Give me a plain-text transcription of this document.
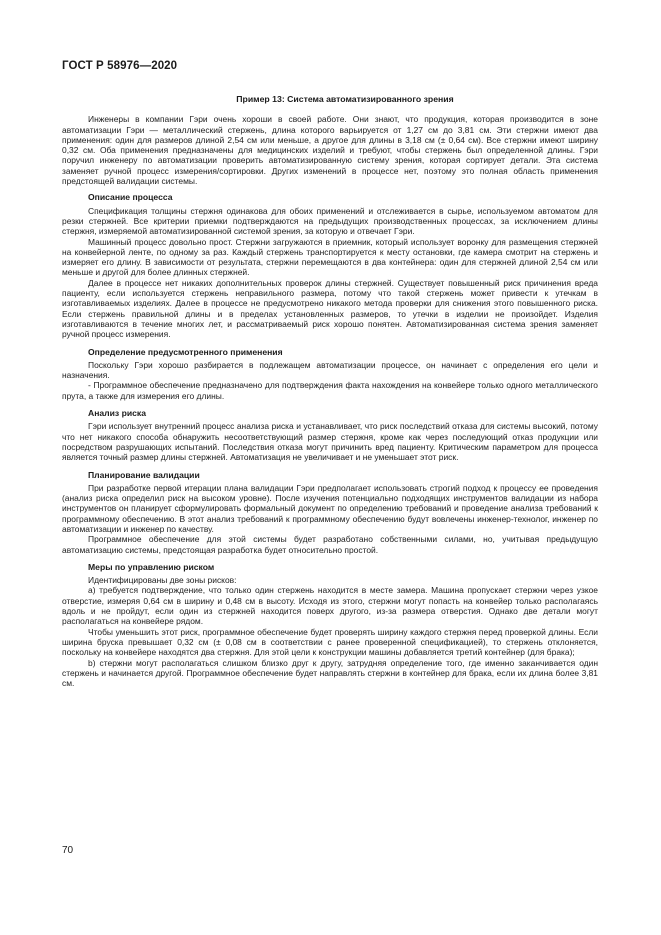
ГОСТ Р 58976—2020
Пример 13: Система автоматизированного зрения

Инженеры в компании Гэри очень хороши в своей работе. Они знают, что продукция, которая производится в зоне автоматизации Гэри — металлический стержень, длина которого варьируется от 1,27 см до 3,81 см. Эти стержни имеют два применения: один для размеров длиной 2,54 см или меньше, а другое для длины в 3,18 см (± 0,64 см). Все стержни имеют ширину 0,32 см. Оба применения предназначены для медицинских изделий и требуют, чтобы стержень был определенной длины. Гэри поручил инженеру по автоматизации проверить автоматизированную систему зрения, которая сортирует детали. Эта система заменяет ручной процесс измерения/сортировки. Других изменений в процессе нет, поэтому это полная область применения предстоящей валидации системы.

Описание процесса

Спецификация толщины стержня одинакова для обоих применений и отслеживается в сырье, используемом автоматом для резки стержней. Все критерии приемки подтверждаются на предыдущих производственных процессах, за исключением длины стержня, измеряемой автоматизированной системой зрения, за которую и отвечает Гэри.

Машинный процесс довольно прост. Стержни загружаются в приемник, который использует воронку для размещения стержней на конвейерной ленте, по одному за раз. Каждый стержень транспортируется к месту остановки, где камера смотрит на стержень и измеряет его длину. В зависимости от результата, стержни перемещаются в два контейнера: один для стержней длиной 2,54 см или меньше и другой для более длинных стержней.

Далее в процессе нет никаких дополнительных проверок длины стержней. Существует повышенный риск причинения вреда пациенту, если используется стержень неправильного размера, потому что такой стержень может привести к утечкам в изготавливаемых изделиях. Далее в процессе не предусмотрено никакого метода проверки для снижения этого повышенного риска. Если стержень правильной длины и в пределах установленных размеров, то утечки в изделии не произойдет. Изделия изготавливаются в течение многих лет, и рассматриваемый риск хорошо понятен. Автоматизированная система зрения заменяет ручной процесс измерения.

Определение предусмотренного применения

Поскольку Гэри хорошо разбирается в подлежащем автоматизации процессе, он начинает с определения его цели и назначения.

- Программное обеспечение предназначено для подтверждения факта нахождения на конвейере только одного металлического прута, а также для измерения его длины.

Анализ риска

Гэри использует внутренний процесс анализа риска и устанавливает, что риск последствий отказа для системы высокий, потому что нет никакого способа обнаружить несоответствующий размер стержня, кроме как через последующий отказ продукции или посредством разрушающих испытаний. Последствия отказа могут причинить вред пациенту. Критическим параметром для процесса является точный размер длины стержней. Автоматизация не увеличивает и не уменьшает этот риск.

Планирование валидации

При разработке первой итерации плана валидации Гэри предполагает использовать строгий подход к процессу ее проведения (анализ риска определил риск на высоком уровне). После изучения потенциально подходящих инструментов валидации из набора инструментов он планирует сформулировать формальный документ по определению требований и проведение анализа требований к программному обеспечению. В этот анализ требований к программному обеспечению будут вовлечены инженер-технолог, инженер по автоматизации и инженер по качеству.

Программное обеспечение для этой системы будет разработано собственными силами, но, учитывая предыдущую автоматизацию системы, предстоящая разработка будет относительно простой.

Меры по управлению риском

Идентифицированы две зоны рисков:

a) требуется подтверждение, что только один стержень находится в месте замера. Машина пропускает стержни через узкое отверстие, измеряя 0,64 см в ширину и 0,48 см в высоту. Исходя из этого, стержни могут попасть на конвейер только располагаясь вдоль и не пройдут, если один из стержней находится поверх другого, из-за размера отверстия. Однако две детали могут располагаться на конвейере рядом.

Чтобы уменьшить этот риск, программное обеспечение будет проверять ширину каждого стержня перед проверкой длины. Если ширина бруска превышает 0,32 см (± 0,08 см в соответствии с ранее проверенной спецификацией), то стержень отклоняется, поскольку на конвейере находятся два стержня. Для этой цели к конструкции машины добавляется третий контейнер (для брака);

b) стержни могут располагаться слишком близко друг к другу, затрудняя определение того, где именно заканчивается один стержень и начинается другой. Программное обеспечение будет направлять стержни в контейнер для брака, если их длина более 3,81 см.

70
